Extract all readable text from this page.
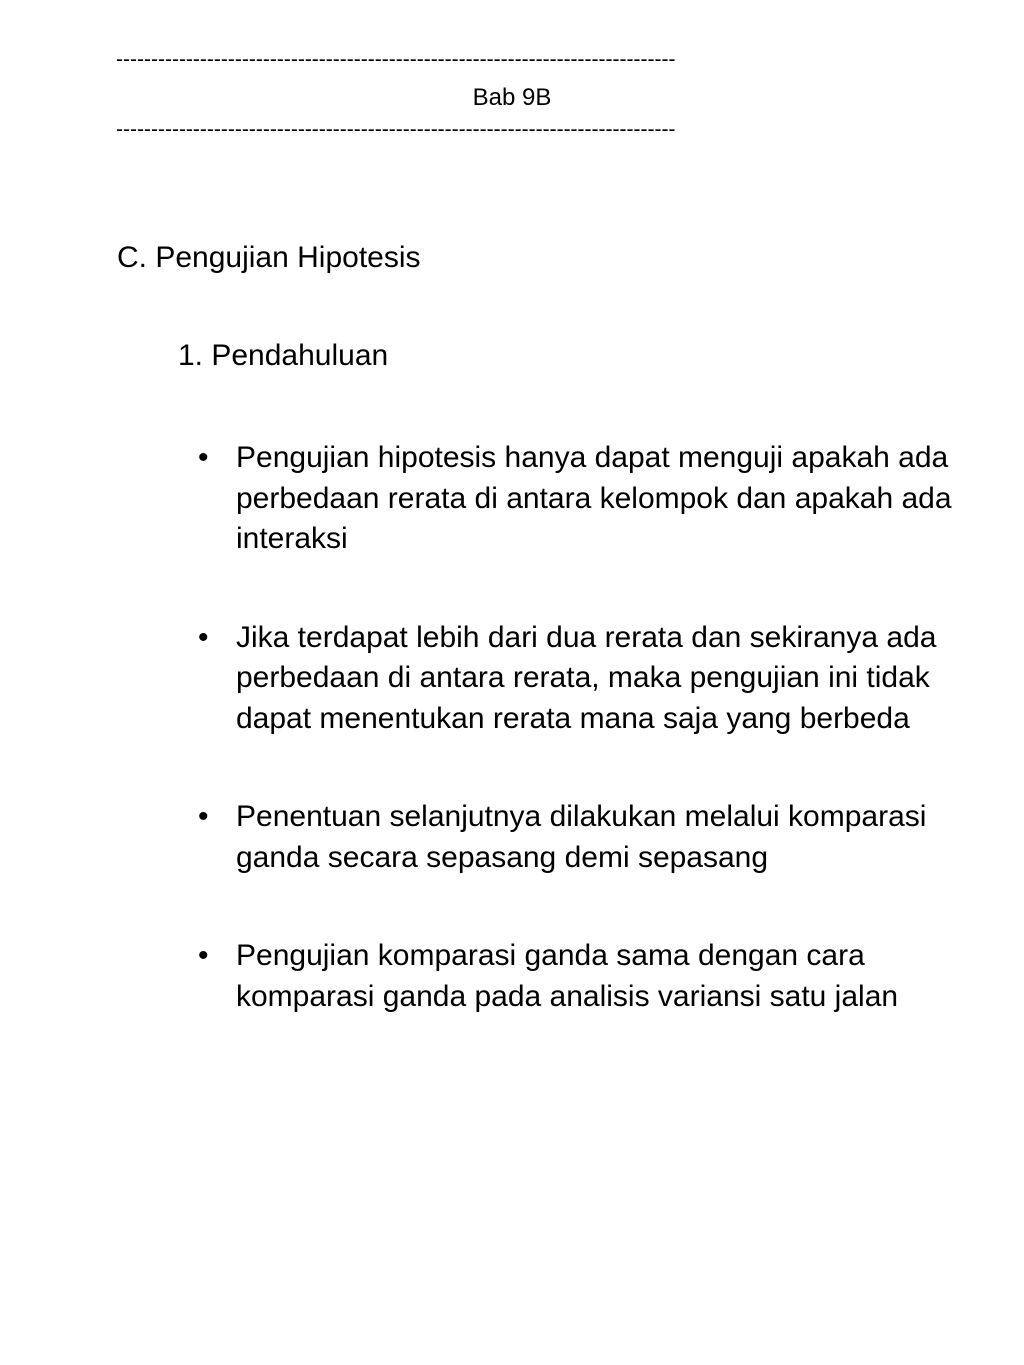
--------------------------------------------------------------------------------
Bab 9B
--------------------------------------------------------------------------------
C. Pengujian Hipotesis
1. Pendahuluan
• Pengujian hipotesis hanya dapat menguji apakah ada perbedaan rerata di antara kelompok dan apakah ada interaksi
• Jika terdapat lebih dari dua rerata dan sekiranya ada perbedaan di antara rerata, maka pengujian ini tidak dapat menentukan rerata mana saja yang berbeda
• Penentuan selanjutnya dilakukan melalui komparasi ganda secara sepasang demi sepasang
• Pengujian komparasi ganda sama dengan cara komparasi ganda pada analisis variansi satu jalan
